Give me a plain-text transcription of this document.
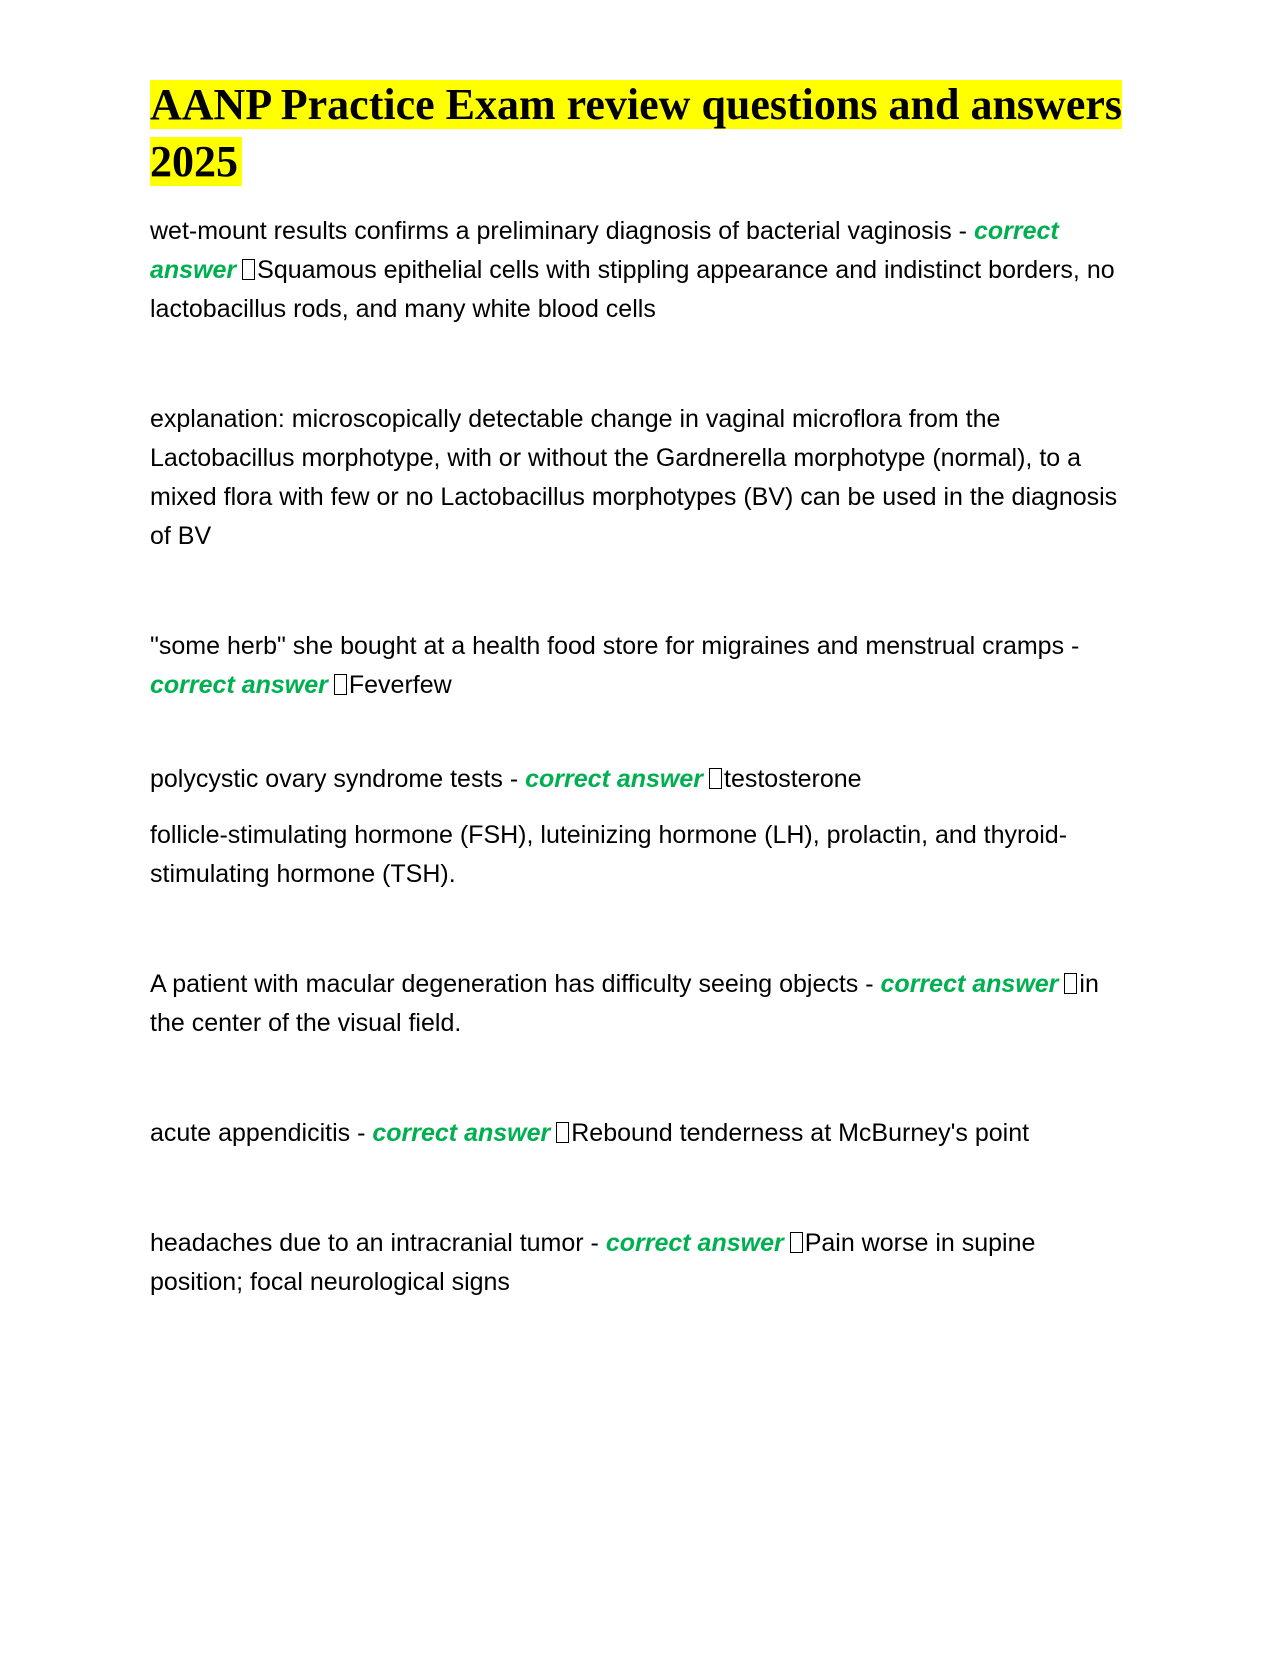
AANP Practice Exam review questions and answers 2025

wet-mount results confirms a preliminary diagnosis of bacterial vaginosis - correct answer Squamous epithelial cells with stippling appearance and indistinct borders, no lactobacillus rods, and many white blood cells

explanation: microscopically detectable change in vaginal microflora from the Lactobacillus morphotype, with or without the Gardnerella morphotype (normal), to a mixed flora with few or no Lactobacillus morphotypes (BV) can be used in the diagnosis of BV

"some herb" she bought at a health food store for migraines and menstrual cramps - correct answer Feverfew

polycystic ovary syndrome tests - correct answer testosterone

follicle-stimulating hormone (FSH), luteinizing hormone (LH), prolactin, and thyroid-stimulating hormone (TSH).

A patient with macular degeneration has difficulty seeing objects - correct answer in the center of the visual field.

acute appendicitis - correct answer Rebound tenderness at McBurney's point

headaches due to an intracranial tumor - correct answer Pain worse in supine position; focal neurological signs
